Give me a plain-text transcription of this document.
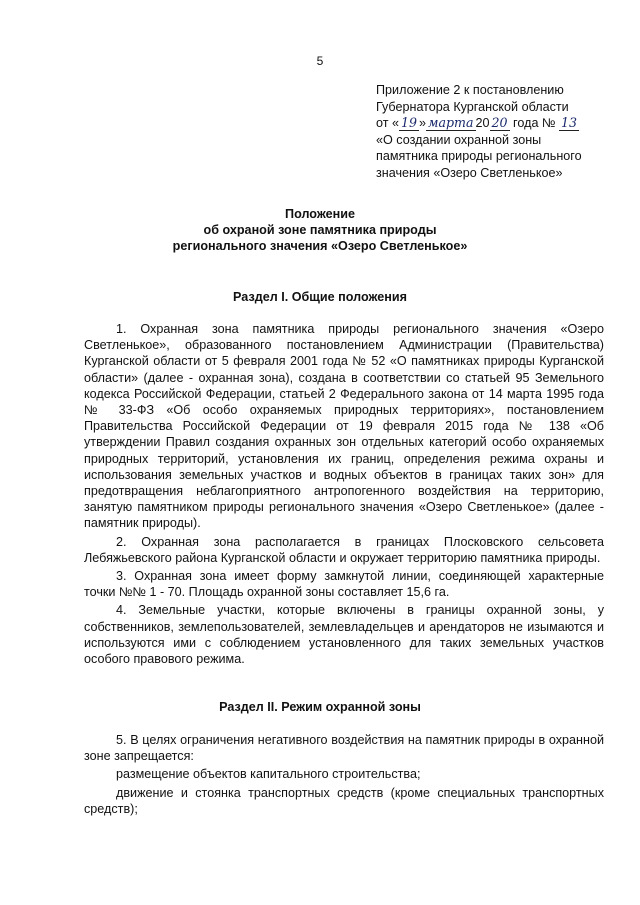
5
Приложение 2 к постановлению
Губернатора Курганской области
от « 19 » марта 20 20 года № 13
«О создании охранной зоны
памятника природы регионального
значения «Озеро Светленькое»
Положение
об охраной зоне памятника природы
регионального значения «Озеро Светленькое»
Раздел I. Общие положения

1. Охранная зона памятника природы регионального значения «Озеро Светленькое», образованного постановлением Администрации (Правительства) Курганской области от 5 февраля 2001 года № 52 «О памятниках природы Курганской области» (далее - охранная зона), создана в соответствии со статьей 95 Земельного кодекса Российской Федерации, статьей 2 Федерального закона от 14 марта 1995 года № 33-ФЗ «Об особо охраняемых природных территориях», постановлением Правительства Российской Федерации от 19 февраля 2015 года № 138 «Об утверждении Правил создания охранных зон отдельных категорий особо охраняемых природных территорий, установления их границ, определения режима охраны и использования земельных участков и водных объектов в границах таких зон» для предотвращения неблагоприятного антропогенного воздействия на территорию, занятую памятником природы регионального значения «Озеро Светленькое» (далее - памятник природы).

2. Охранная зона располагается в границах Плосковского сельсовета Лебяжьевского района Курганской области и окружает территорию памятника природы.

3. Охранная зона имеет форму замкнутой линии, соединяющей характерные точки №№ 1 - 70. Площадь охранной зоны составляет 15,6 га.

4. Земельные участки, которые включены в границы охранной зоны, у собственников, землепользователей, землевладельцев и арендаторов не изымаются и используются ими с соблюдением установленного для таких земельных участков особого правового режима.

Раздел II. Режим охранной зоны

5. В целях ограничения негативного воздействия на памятник природы в охранной зоне запрещается:

размещение объектов капитального строительства;

движение и стоянка транспортных средств (кроме специальных транспортных средств);
